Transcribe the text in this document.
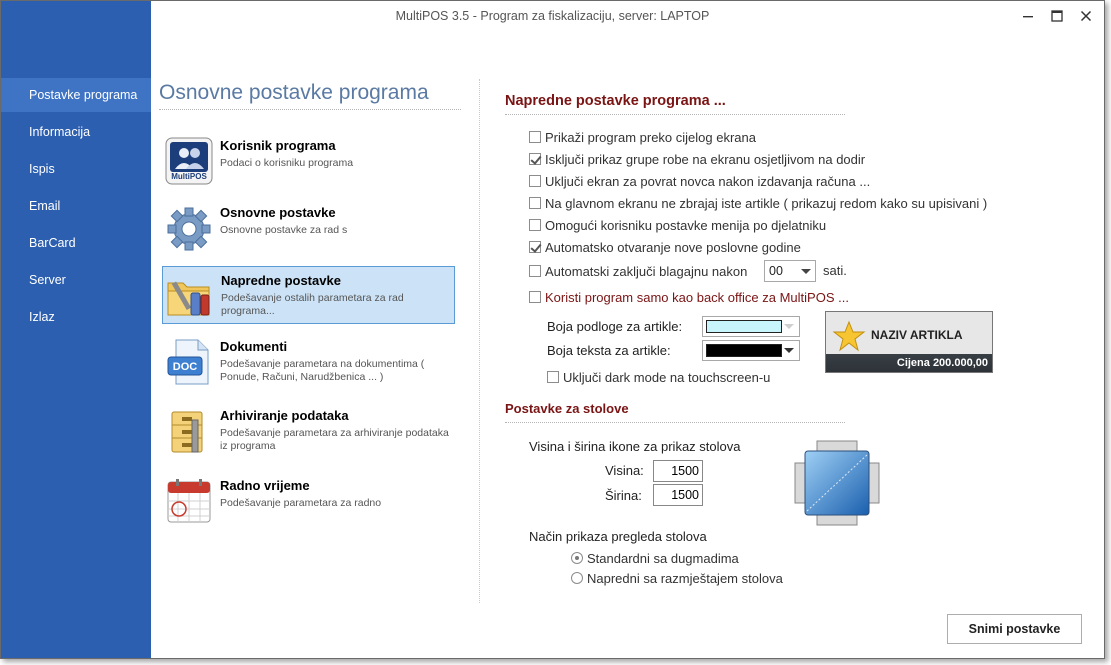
Postavke programa
Informacija
Ispis
Email
BarCard
Server
Izlaz
MultiPOS 3.5 - Program za fiskalizaciju, server: LAPTOP
Osnovne postavke programa
MultiPOS
Korisnik programa
Podaci o korisniku programa
Osnovne postavke
Osnovne postavke za rad s
Napredne postavke
Podešavanje ostalih parametara za rad programa...
DOC
Dokumenti
Podešavanje parametara na dokumentima ( Ponude, Računi, Narudžbenica ... )
Arhiviranje podataka
Podešavanje parametara za arhiviranje podataka iz programa
Radno vrijeme
Podešavanje parametara za radno
Napredne postavke programa ...
Prikaži program preko cijelog ekrana
Isključi prikaz grupe robe na ekranu osjetljivom na dodir
Uključi ekran za povrat novca nakon izdavanja računa ...
Na glavnom ekranu ne zbrajaj iste artikle ( prikazuj redom kako su upisivani )
Omogući korisniku postavke menija po djelatniku
Automatsko otvaranje nove poslovne godine
Automatski zaključi blagajnu nakon	00	sati.
Koristi program samo kao back office za MultiPOS ...
Boja podloge za artikle:
Boja teksta za artikle:
Uključi dark mode na touchscreen-u
NAZIV ARTIKLA
Cijena 200.000,00
Postavke za stolove
Visina i širina ikone za prikaz stolova
Visina:
1500
Širina:
1500
Način prikaza pregleda stolova
Standardni sa dugmadima
Napredni sa razmještajem stolova
Snimi postavke
